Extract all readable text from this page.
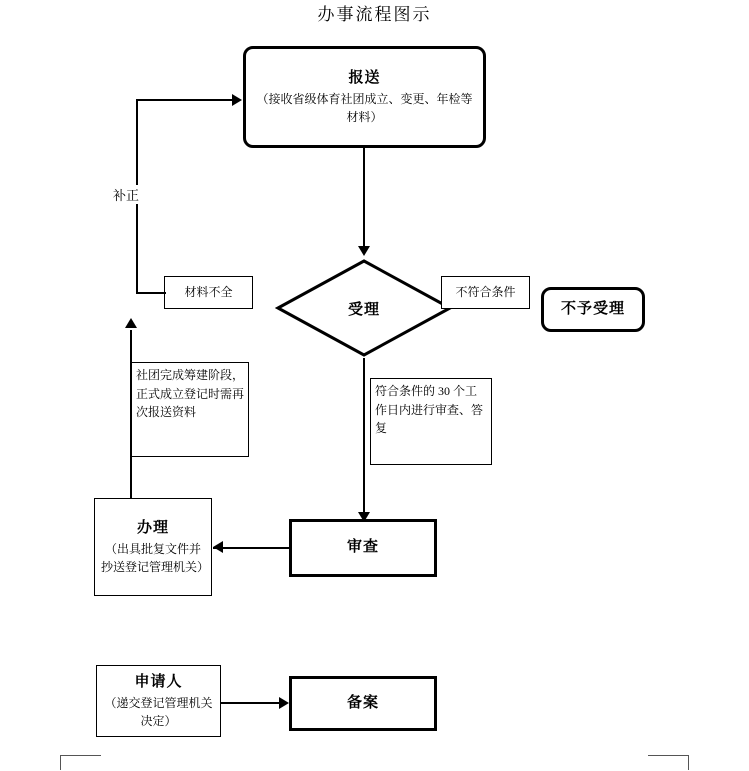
办事流程图示
报送
（接收省级体育社团成立、变更、年检等材料）
受理	不予受理
不符合条件
材料不全
补正
社团完成筹建阶段，正式成立登记时需再次报送资料
符合条件的 30 个工作日内进行审查、答复
审查
办理
（出具批复文件并抄送登记管理机关）
备案
申请人
（递交登记管理机关决定）
